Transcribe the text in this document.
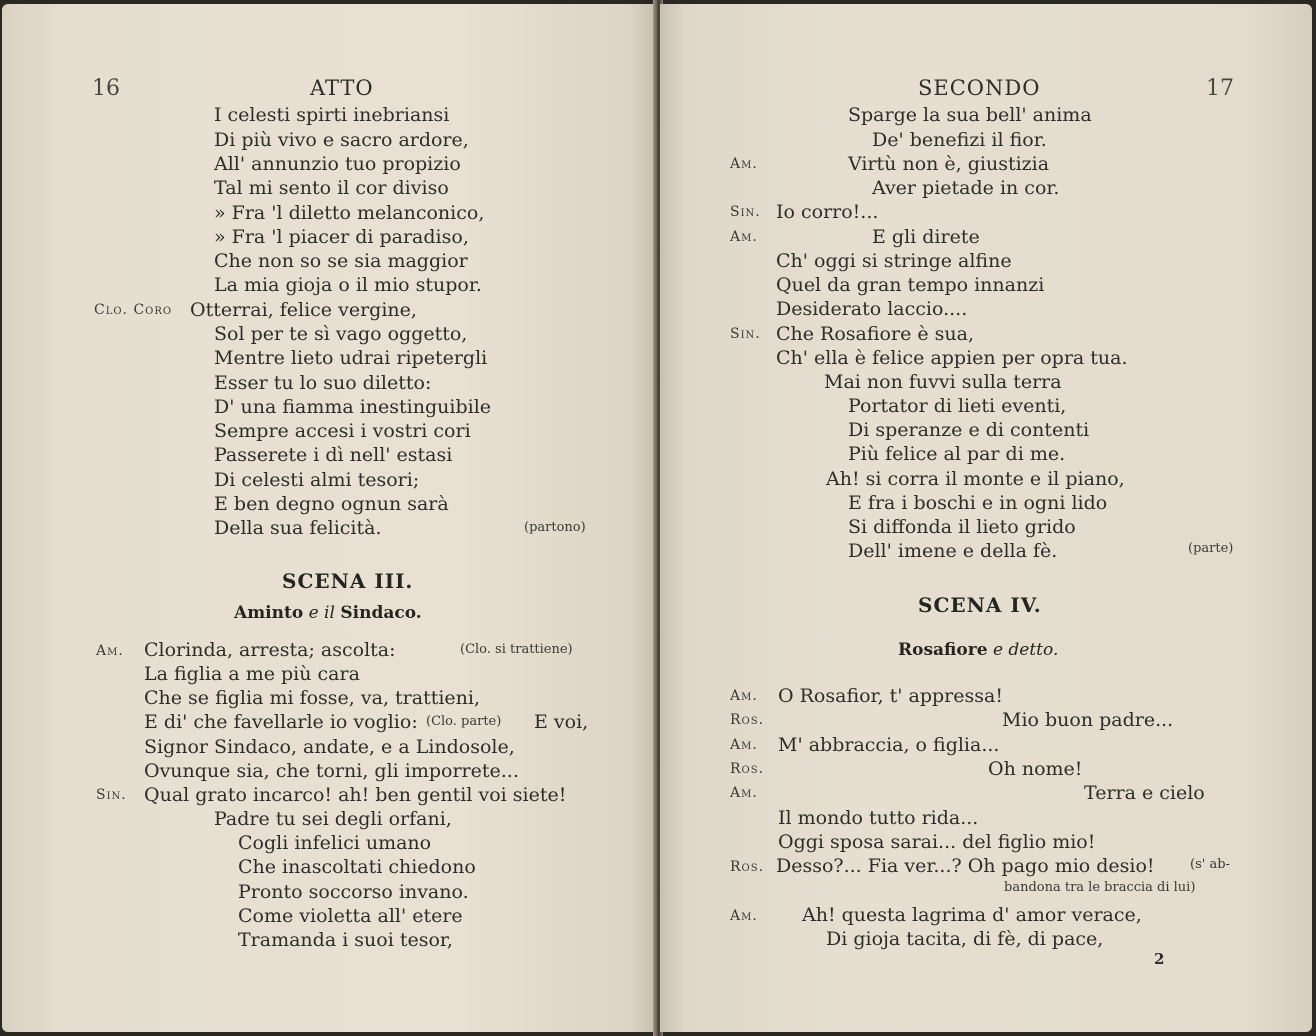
16	ATTO
I celesti spirti inebriansi
Di più vivo e sacro ardore,
All' annunzio tuo propizio
Tal mi sento il cor diviso
» Fra 'l diletto melanconico,
» Fra 'l piacer di paradiso,
Che non so se sia maggior
La mia gioja o il mio stupor.
Clo. Coro Otterrai, felice vergine,
Sol per te sì vago oggetto,
Mentre lieto udrai ripetergli
Esser tu lo suo diletto:
D' una fiamma inestinguibile
Sempre accesi i vostri cori
Passerete i dì nell' estasi
Di celesti almi tesori;
E ben degno ognun sarà
Della sua felicità.	(partono)
SCENA III.
Aminto e il Sindaco.
Am. Clorinda, arresta; ascolta:	(Clo. si trattiene)
La figlia a me più cara
Che se figlia mi fosse, va, trattieni,
E di' che favellarle io voglio: (Clo. parte) E voi,
Signor Sindaco, andate, e a Lindosole,
Ovunque sia, che torni, gli imporrete...
Sin. Qual grato incarco! ah! ben gentil voi siete!
Padre tu sei degli orfani,
Cogli infelici umano
Che inascoltati chiedono
Pronto soccorso invano.
Come violetta all' etere
Tramanda i suoi tesor,
SECONDO	17
Sparge la sua bell' anima
De' benefizi il fior.
Am.	Virtù non è, giustizia
Aver pietade in cor.
Sin. Io corro!...
Am.	E gli direte
Ch' oggi si stringe alfine
Quel da gran tempo innanzi
Desiderato laccio....
Sin. Che Rosafiore è sua,
Ch' ella è felice appien per opra tua.
Mai non fuvvi sulla terra
Portator di lieti eventi,
Di speranze e di contenti
Più felice al par di me.
Ah! si corra il monte e il piano,
E fra i boschi e in ogni lido
Si diffonda il lieto grido
Dell' imene e della fè.	(parte)
SCENA IV.
Rosafiore e detto.
Am. O Rosafior, t' appressa!
Ros.	Mio buon padre...
Am. M' abbraccia, o figlia...
Ros.	Oh nome!
Am.	Terra e cielo
Il mondo tutto rida...
Oggi sposa sarai... del figlio mio!
Ros. Desso?... Fia ver...? Oh pago mio desio!	(s' ab-
bandona tra le braccia di lui)
Am. Ah! questa lagrima d' amor verace,
Di gioja tacita, di fè, di pace,
2
